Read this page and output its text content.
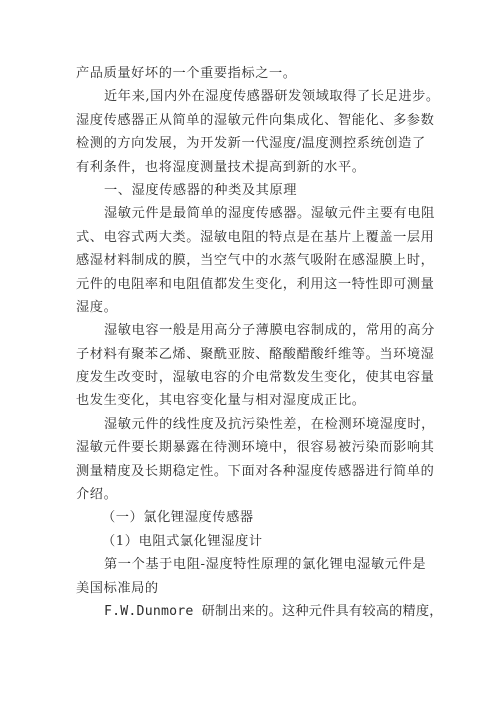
产品质量好坏的一个重要指标之一。
近年来,国内外在湿度传感器研发领域取得了长足进步。
湿度传感器正从简单的湿敏元件向集成化、智能化、多参数
检测的方向发展，为开发新一代湿度/温度测控系统创造了
有利条件，也将湿度测量技术提高到新的水平。
一、湿度传感器的种类及其原理
湿敏元件是最简单的湿度传感器。湿敏元件主要有电阻
式、电容式两大类。湿敏电阻的特点是在基片上覆盖一层用
感湿材料制成的膜，当空气中的水蒸气吸附在感湿膜上时，
元件的电阻率和电阻值都发生变化，利用这一特性即可测量
湿度。
湿敏电容一般是用高分子薄膜电容制成的，常用的高分
子材料有聚苯乙烯、聚酰亚胺、酪酸醋酸纤维等。当环境湿
度发生改变时，湿敏电容的介电常数发生变化，使其电容量
也发生变化，其电容变化量与相对湿度成正比。
湿敏元件的线性度及抗污染性差，在检测环境湿度时，
湿敏元件要长期暴露在待测环境中，很容易被污染而影响其
测量精度及长期稳定性。下面对各种湿度传感器进行简单的
介绍。
（一）氯化锂湿度传感器
（1）电阻式氯化锂湿度计
第一个基于电阻-湿度特性原理的氯化锂电湿敏元件是
美国标准局的
F.W.Dunmore 研制出来的。这种元件具有较高的精度，
